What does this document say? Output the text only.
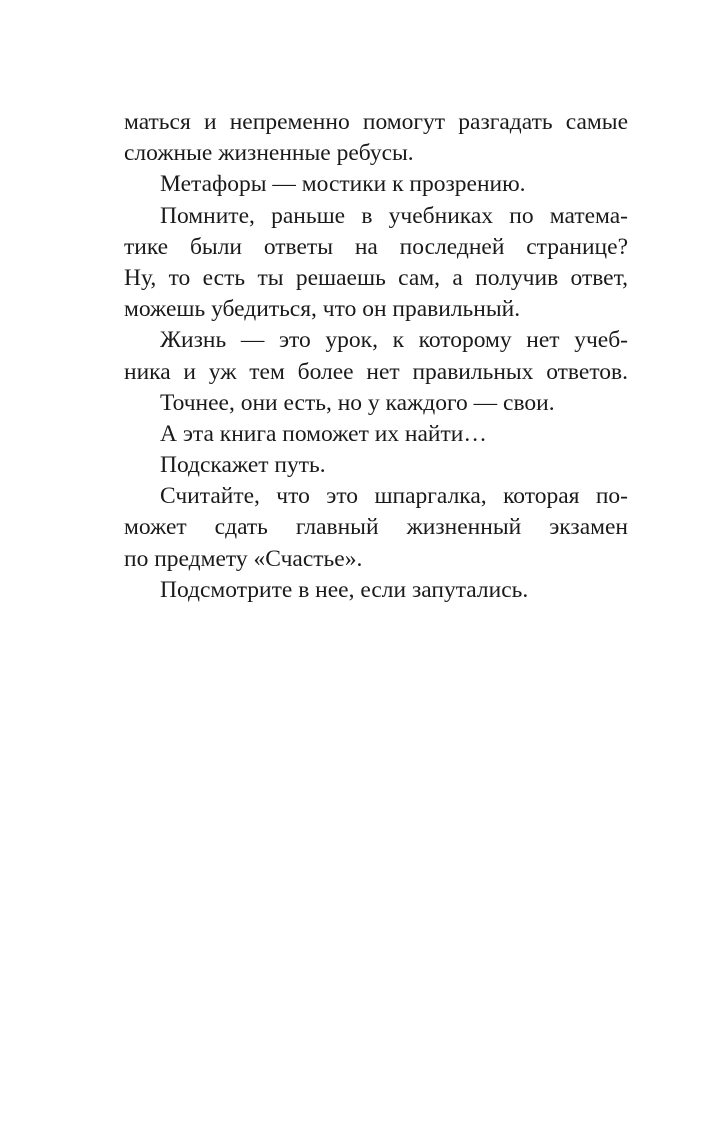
маться и непременно помогут разгадать самые
сложные жизненные ребусы.
Метафоры — мостики к прозрению.
Помните, раньше в учебниках по матема-
тике были ответы на последней странице?
Ну, то есть ты решаешь сам, а получив ответ,
можешь убедиться, что он правильный.
Жизнь — это урок, к которому нет учеб-
ника и уж тем более нет правильных ответов.
Точнее, они есть, но у каждого — свои.
А эта книга поможет их найти…
Подскажет путь.
Считайте, что это шпаргалка, которая по-
может сдать главный жизненный экзамен
по предмету «Счастье».
Подсмотрите в нее, если запутались.
